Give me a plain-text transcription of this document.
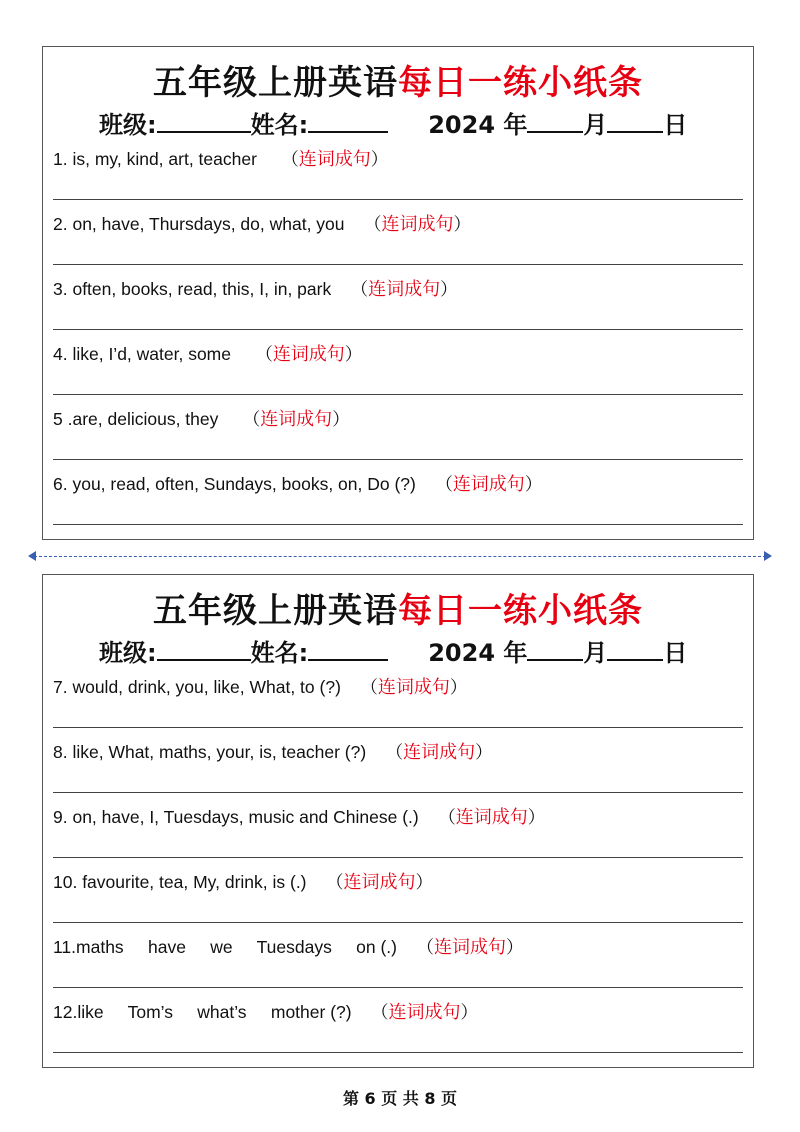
五年级上册英语每日一练小纸条
班级:	姓名:	2024 年 月 日
1. is, my, kind, art, teacher     （连词成句）
2. on, have, Thursdays, do, what, you    （连词成句）
3. often, books, read, this, I, in, park    （连词成句）
4. like, I’d, water, some     （连词成句）
5 .are, delicious, they     （连词成句）
6. you, read, often, Sundays, books, on, Do (?)    （连词成句）
五年级上册英语每日一练小纸条
班级:	姓名:	2024 年 月 日
7. would, drink, you, like, What, to (?)    （连词成句）
8. like, What, maths, your, is, teacher (?)    （连词成句）
9. on, have, I, Tuesdays, music and Chinese (.)    （连词成句）
10. favourite, tea, My, drink, is (.)    （连词成句）
11.maths     have     we     Tuesdays     on (.)    （连词成句）
12.like     Tom’s     what’s     mother (?)    （连词成句）
第 6 页 共 8 页
